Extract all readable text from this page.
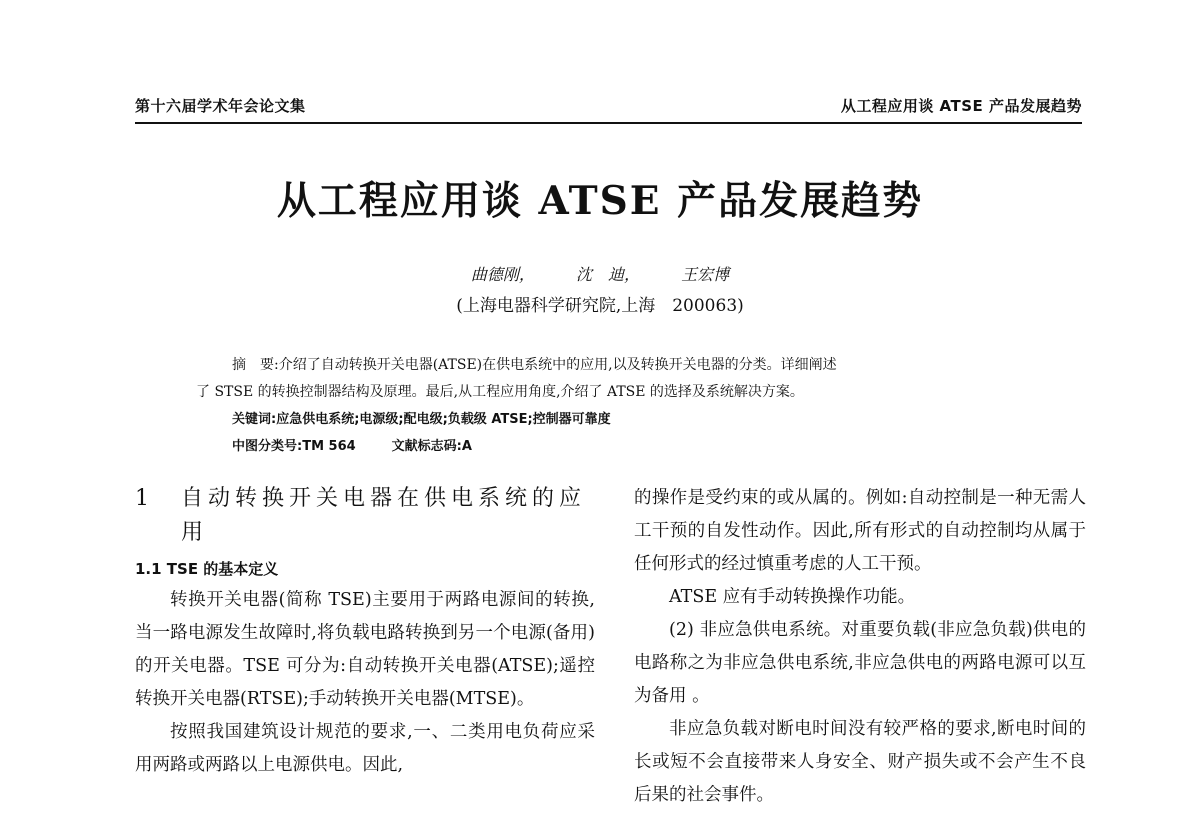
第十六届学术年会论文集	从工程应用谈 ATSE 产品发展趋势
从工程应用谈 ATSE 产品发展趋势
曲德刚，	沈　迪，	王宏博
(上海电器科学研究院,上海　200063)

摘　要:介绍了自动转换开关电器(ATSE)在供电系统中的应用,以及转换开关电器的分类。详细阐述

了 STSE 的转换控制器结构及原理。最后,从工程应用角度,介绍了 ATSE 的选择及系统解决方案。

关键词:应急供电系统;电源级;配电级;负载级 ATSE;控制器可靠度

中图分类号:TM 564	文献标志码:A

1	自动转换开关电器在供电系统的应用
1.1 TSE 的基本定义

转换开关电器(简称 TSE)主要用于两路电源间的转换,当一路电源发生故障时,将负载电路转换到另一个电源(备用)的开关电器。TSE 可分为:自动转换开关电器(ATSE);遥控转换开关电器(RTSE);手动转换开关电器(MTSE)。

按照我国建筑设计规范的要求,一、二类用电负荷应采用两路或两路以上电源供电。因此,

的操作是受约束的或从属的。例如:自动控制是一种无需人工干预的自发性动作。因此,所有形式的自动控制均从属于任何形式的经过慎重考虑的人工干预。

ATSE 应有手动转换操作功能。

(2) 非应急供电系统。对重要负载(非应急负载)供电的电路称之为非应急供电系统,非应急供电的两路电源可以互为备用 。

非应急负载对断电时间没有较严格的要求,断电时间的长或短不会直接带来人身安全、财产损失或不会产生不良后果的社会事件。
